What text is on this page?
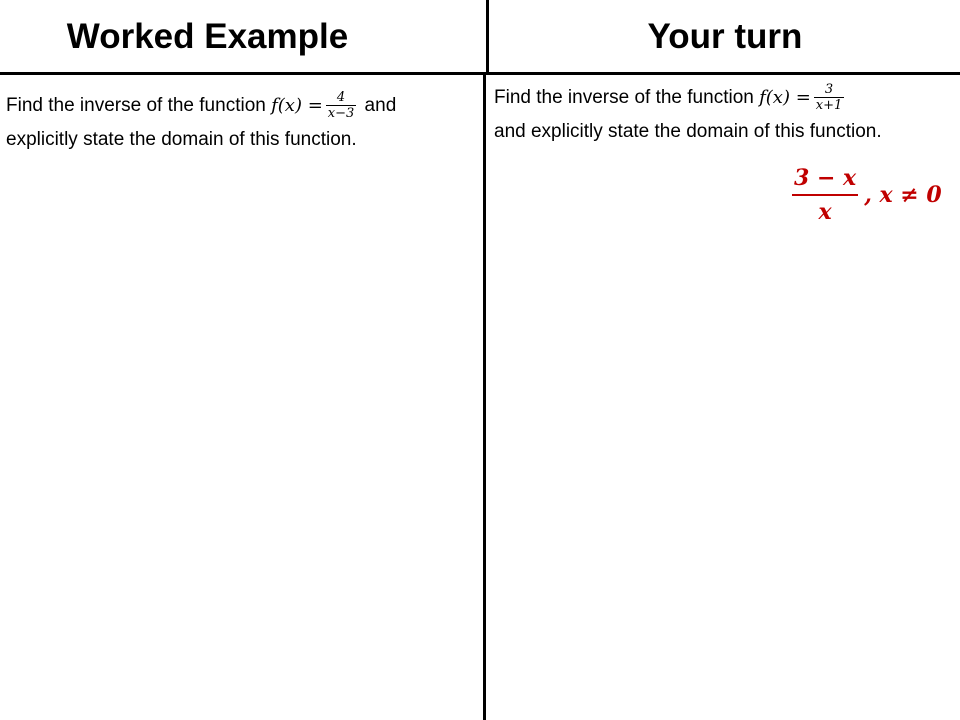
Worked Example	Your turn
Find the inverse of the function $f(x) = \frac{4}{x-3}$ and
explicitly state the domain of this function.
Find the inverse of the function $f(x) = \frac{3}{x+1}$

and explicitly state the domain of this function.
$\frac{3 - x}{x}$ , x ≠ 0
